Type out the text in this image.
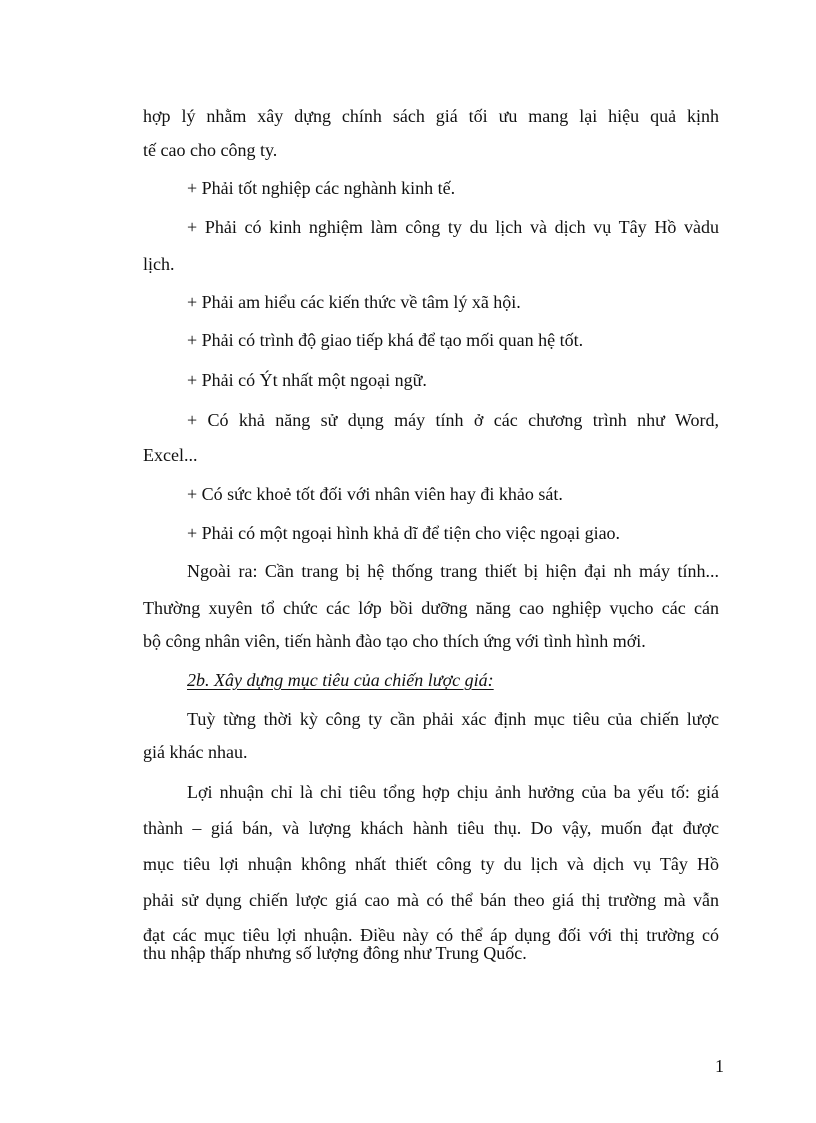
hợp lý nhằm xây dựng chính sách giá tối ưu mang lại hiệu quả kịnh
tế cao cho công ty.
+ Phải tốt nghiệp các nghành kinh tế.
+ Phải có kinh nghiệm làm công ty du lịch và dịch vụ Tây Hồ vàdu
lịch.
+ Phải am hiểu các kiến thức về tâm lý xã hội.
+ Phải có trình độ giao tiếp khá để tạo mối quan hệ tốt.
+ Phải có Ýt nhất một ngoại ngữ.
+ Có khả năng sử dụng máy tính ở các chương trình như Word,
Excel...
+ Có sức khoẻ tốt đối với nhân viên hay đi khảo sát.
+ Phải có một ngoại hình khả dĩ để tiện cho việc ngoại giao.
Ngoài ra: Cần trang bị hệ thống trang thiết bị hiện đại nh máy tính...
Thường xuyên tổ chức các lớp bồi dưỡng năng cao nghiệp vụcho các cán
bộ công nhân viên, tiến hành đào tạo cho thích ứng với tình hình mới.
2b. Xây dựng mục tiêu của chiến lược giá:
Tuỳ từng thời kỳ công ty cần phải xác định mục tiêu của chiến lược
giá khác nhau.
Lợi nhuận chỉ là chỉ tiêu tổng hợp chịu ảnh hưởng của ba yếu tố: giá
thành – giá bán, và lượng khách hành tiêu thụ. Do vậy, muốn đạt được
mục tiêu lợi nhuận không nhất thiết công ty du lịch và dịch vụ Tây Hồ
phải sử dụng chiến lược giá cao mà có thể bán theo giá thị trường mà vẫn
đạt các mục tiêu lợi nhuận. Điều này có thể áp dụng đối với thị trường có
thu nhập thấp nhưng số lượng đông như Trung Quốc.
1
